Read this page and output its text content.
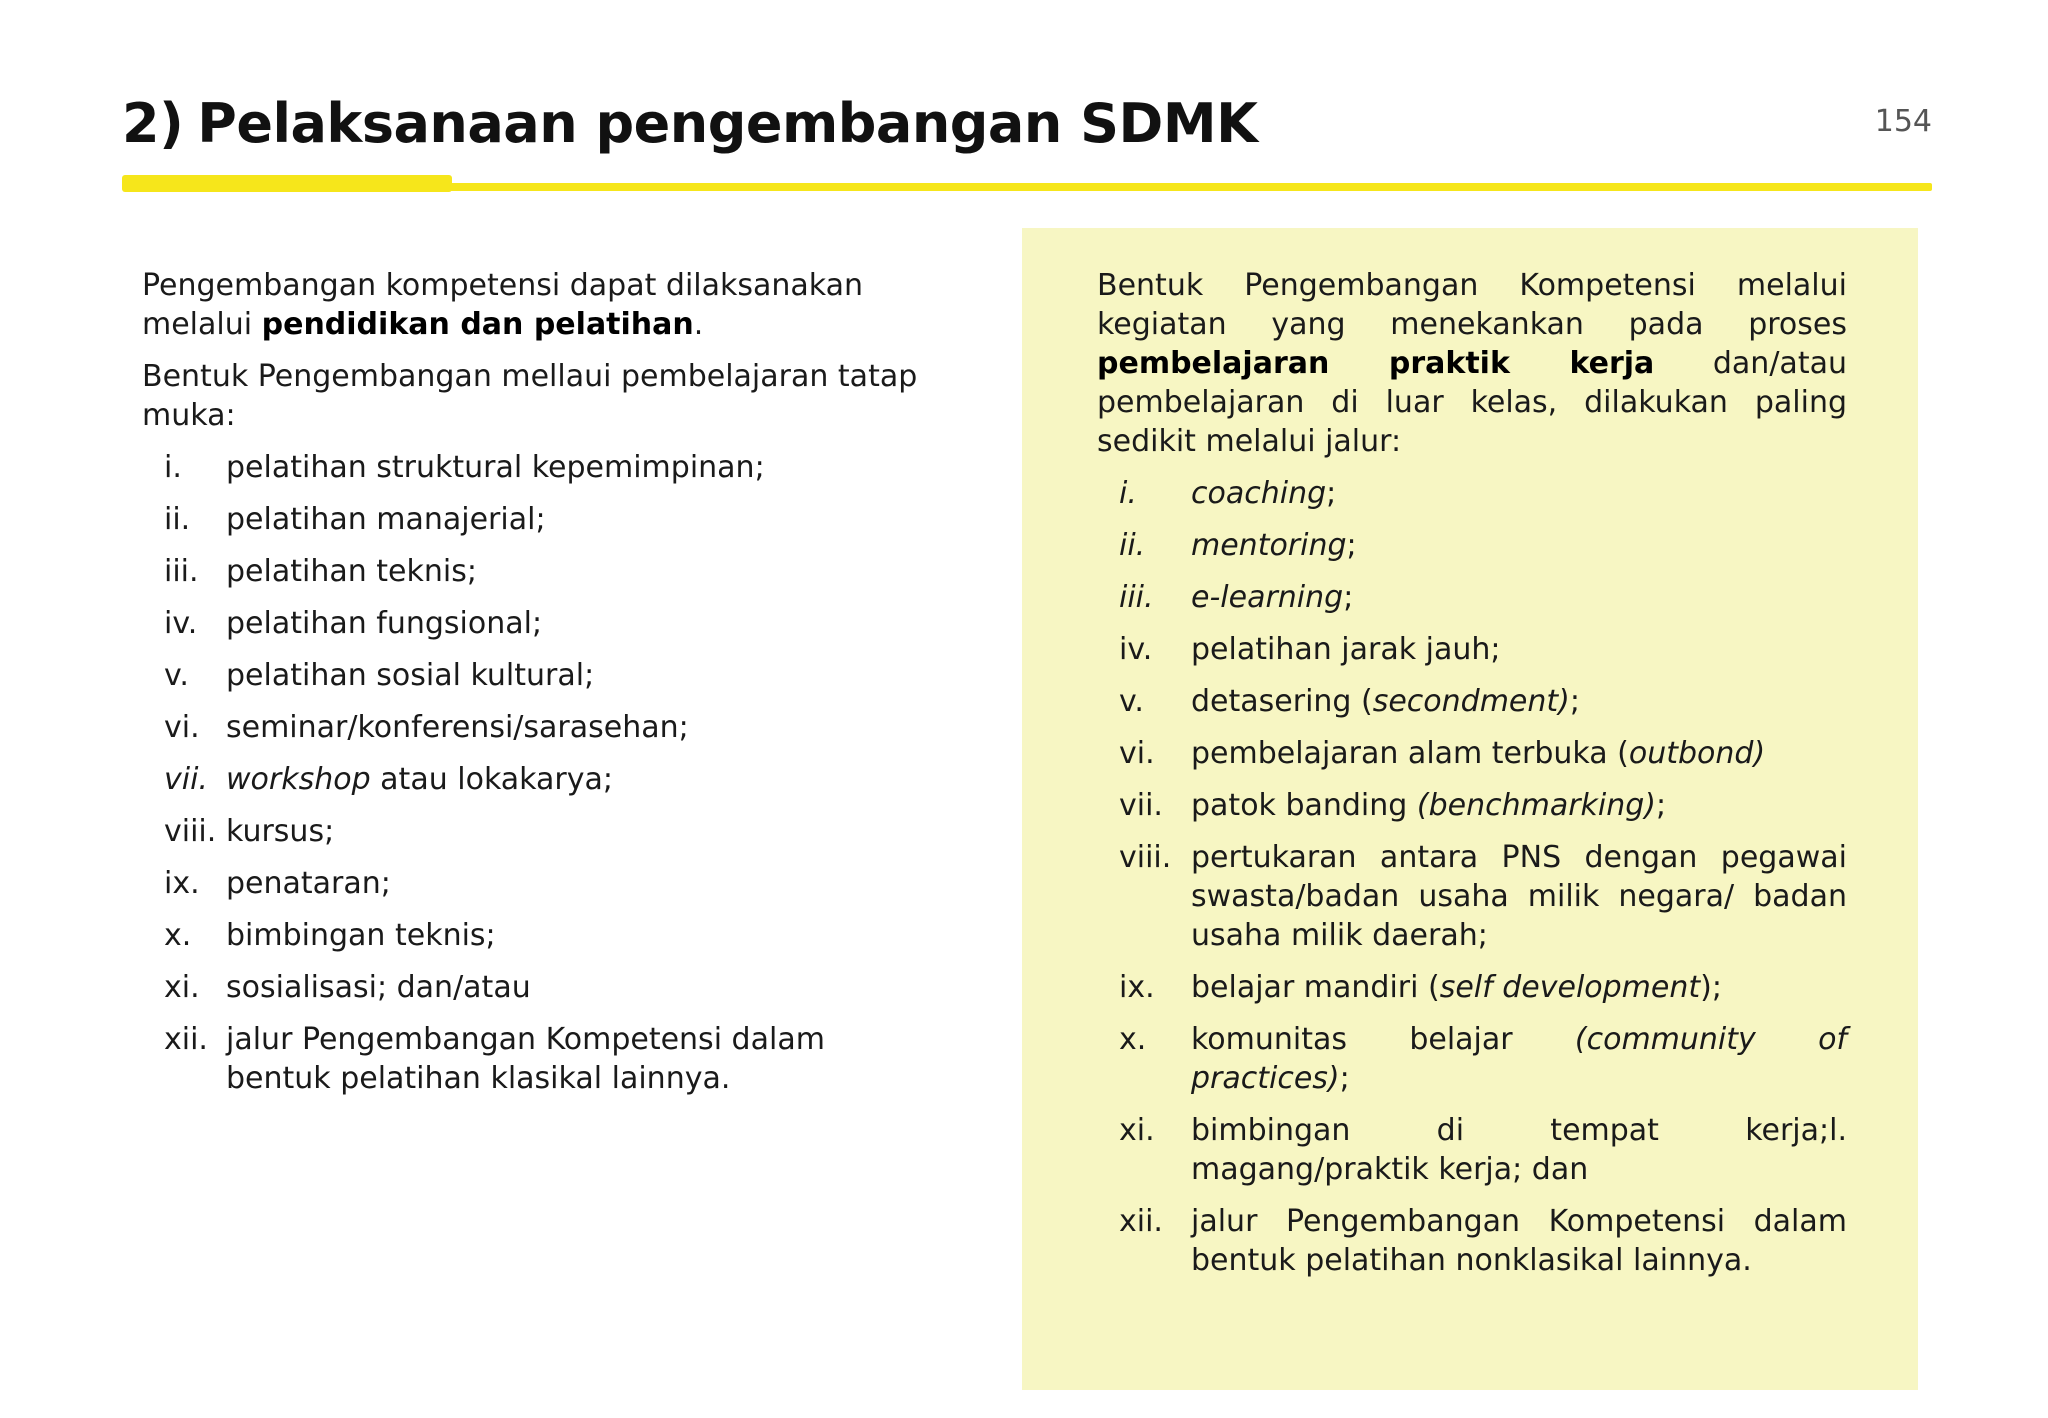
2) Pelaksanaan pengembangan SDMK	154

Pengembangan kompetensi dapat dilaksanakan melalui pendidikan dan pelatihan.

Bentuk Pengembangan mellaui pembelajaran tatap muka:

i.	pelatihan struktural kepemimpinan;
ii.	pelatihan manajerial;
iii. pelatihan teknis;
iv. pelatihan fungsional;
v.	pelatihan sosial kultural;
vi. seminar/konferensi/sarasehan;
vii. workshop atau lokakarya;
viii. kursus;
ix. penataran;
x.	bimbingan teknis;
xi. sosialisasi; dan/atau
xii. jalur Pengembangan Kompetensi dalam bentuk pelatihan klasikal lainnya.

Bentuk Pengembangan Kompetensi melalui kegiatan yang menekankan pada proses pembelajaran praktik kerja dan/atau pembelajaran di luar kelas, dilakukan paling sedikit melalui jalur:

i.	coaching;
ii.	mentoring;
iii.	e-learning;
iv.	pelatihan jarak jauh;
v.	detasering (secondment);
vi.	pembelajaran alam terbuka (outbond)
vii. patok banding (benchmarking);
viii. pertukaran antara PNS dengan pegawai swasta/badan usaha milik negara/ badan usaha milik daerah;
ix.	belajar mandiri (self development);
x.	komunitas belajar (community of practices);
xi.	bimbingan di tempat kerja;l. magang/praktik kerja; dan
xii. jalur Pengembangan Kompetensi dalam bentuk pelatihan nonklasikal lainnya.
